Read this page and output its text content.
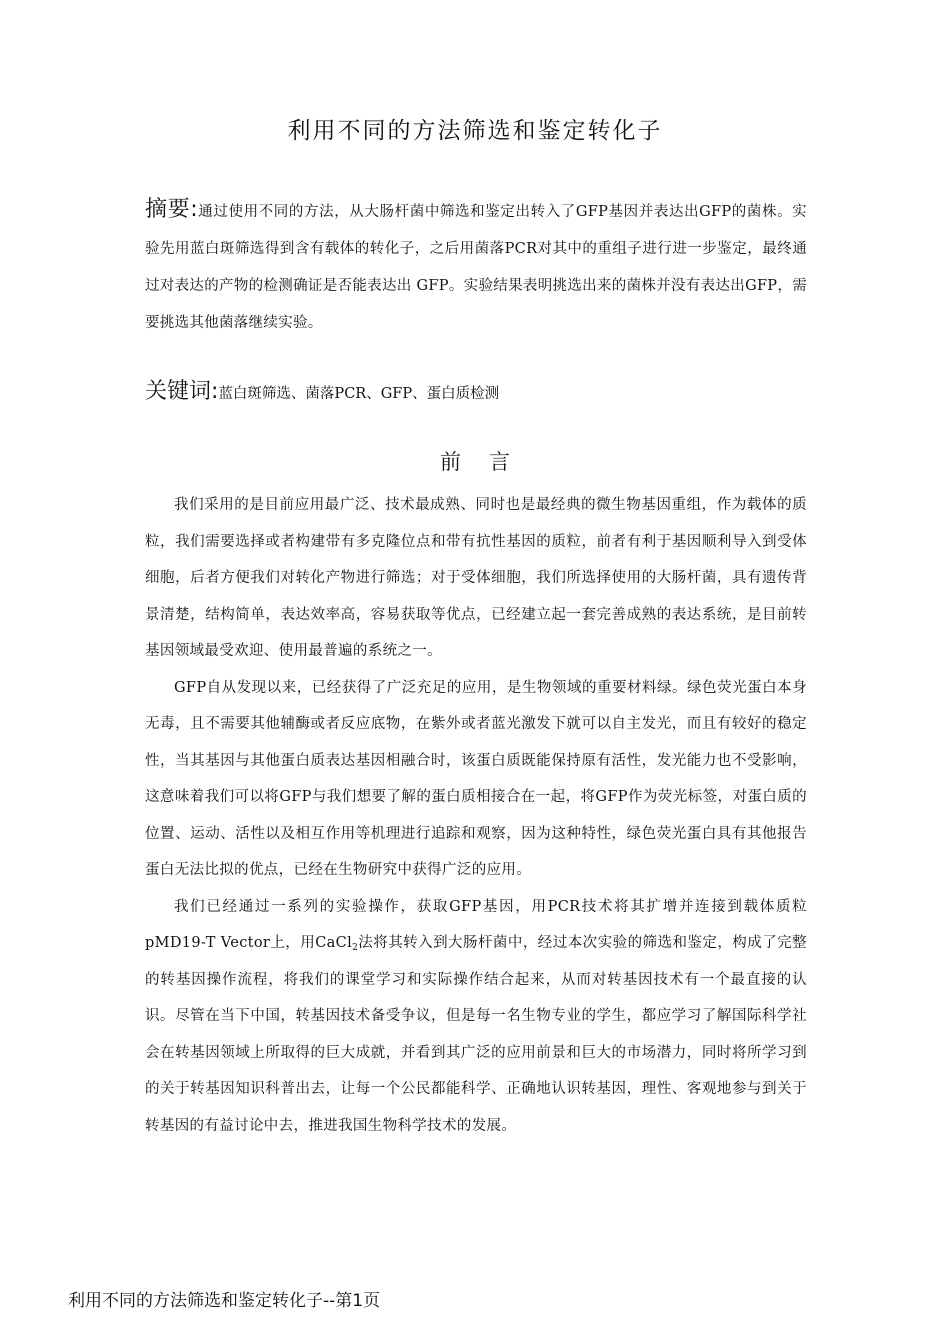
利用不同的方法筛选和鉴定转化子

摘要:通过使用不同的方法，从大肠杆菌中筛选和鉴定出转入了GFP基因并表达出GFP的菌株。实验先用蓝白斑筛选得到含有载体的转化子，之后用菌落PCR对其中的重组子进行进一步鉴定，最终通过对表达的产物的检测确证是否能表达出 GFP。实验结果表明挑选出来的菌株并没有表达出GFP，需要挑选其他菌落继续实验。

关键词:蓝白斑筛选、菌落PCR、GFP、蛋白质检测

前言

我们采用的是目前应用最广泛、技术最成熟、同时也是最经典的微生物基因重组，作为载体的质粒，我们需要选择或者构建带有多克隆位点和带有抗性基因的质粒，前者有利于基因顺利导入到受体细胞，后者方便我们对转化产物进行筛选；对于受体细胞，我们所选择使用的大肠杆菌，具有遗传背景清楚，结构简单，表达效率高，容易获取等优点，已经建立起一套完善成熟的表达系统，是目前转基因领域最受欢迎、使用最普遍的系统之一。

GFP自从发现以来，已经获得了广泛充足的应用，是生物领域的重要材料绿。绿色荧光蛋白本身无毒，且不需要其他辅酶或者反应底物，在紫外或者蓝光激发下就可以自主发光，而且有较好的稳定性，当其基因与其他蛋白质表达基因相融合时，该蛋白质既能保持原有活性，发光能力也不受影响，这意味着我们可以将GFP与我们想要了解的蛋白质相接合在一起，将GFP作为荧光标签，对蛋白质的位置、运动、活性以及相互作用等机理进行追踪和观察，因为这种特性，绿色荧光蛋白具有其他报告蛋白无法比拟的优点，已经在生物研究中获得广泛的应用。

我们已经通过一系列的实验操作，获取GFP基因，用PCR技术将其扩增并连接到载体质粒pMD19-T Vector上，用CaCl$_2$法将其转入到大肠杆菌中，经过本次实验的筛选和鉴定，构成了完整的转基因操作流程，将我们的课堂学习和实际操作结合起来，从而对转基因技术有一个最直接的认识。尽管在当下中国，转基因技术备受争议，但是每一名生物专业的学生，都应学习了解国际科学社会在转基因领域上所取得的巨大成就，并看到其广泛的应用前景和巨大的市场潜力，同时将所学习到的关于转基因知识科普出去，让每一个公民都能科学、正确地认识转基因，理性、客观地参与到关于转基因的有益讨论中去，推进我国生物科学技术的发展。

利用不同的方法筛选和鉴定转化子--第1页
